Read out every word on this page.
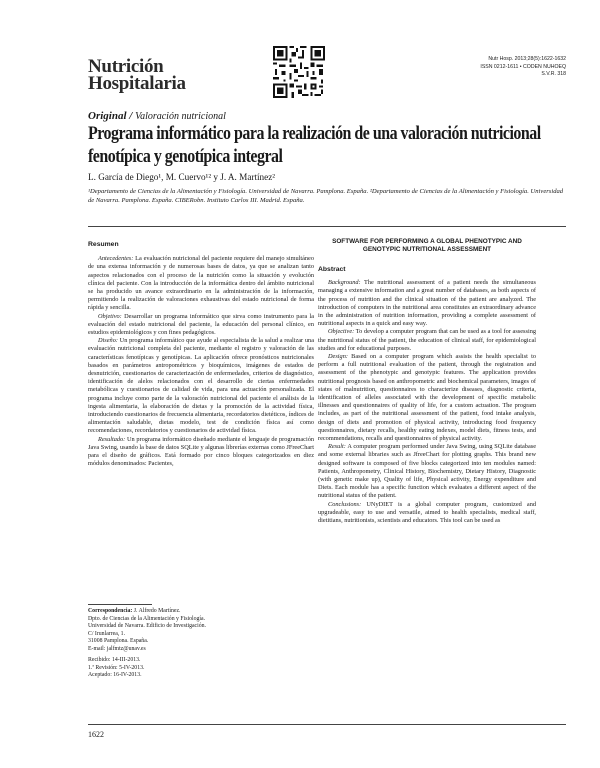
Nutrición
Hospitalaria
Nutr Hosp. 2013;28(5):1622-1632
ISSN 0212-1611 • CODEN NUHOEQ
S.V.R. 318
Original / Valoración nutricional
Programa informático para la realización de una valoración nutricional
fenotípica y genotípica integral
L. García de Diego¹, M. Cuervo¹² y J. A. Martínez²
¹Departamento de Ciencias de la Alimentación y Fisiología. Universidad de Navarra. Pamplona. España. ²Departamento de Ciencias de la Alimentación y Fisiología. Universidad de Navarra. Pamplona. España. CIBERobn. Instituto Carlos III. Madrid. España.
Resumen

Antecedentes: La evaluación nutricional del paciente requiere del manejo simultáneo de una extensa información y de numerosas bases de datos, ya que se analizan tanto aspectos relacionados con el proceso de la nutrición como la situación y evolución clínica del paciente. Con la introducción de la informática dentro del ámbito nutricional se ha producido un avance extraordinario en la administración de la información, permitiendo la realización de valoraciones exhaustivas del estado nutricional de forma rápida y sencilla.

Objetivo: Desarrollar un programa informático que sirva como instrumento para la evaluación del estado nutricional del paciente, la educación del personal clínico, en estudios epidemiológicos y con fines pedagógicos.

Diseño: Un programa informático que ayude al especialista de la salud a realizar una evaluación nutricional completa del paciente, mediante el registro y valoración de las características fenotípicas y genotípicas. La aplicación ofrece pronósticos nutricionales basados en parámetros antropométricos y bioquímicos, imágenes de estados de desnutrición, cuestionarios de caracterización de enfermedades, criterios de diagnóstico, identificación de alelos relacionados con el desarrollo de ciertas enfermedades metabólicas y cuestionarios de calidad de vida, para una actuación personalizada. El programa incluye como parte de la valoración nutricional del paciente el análisis de la ingesta alimentaria, la elaboración de dietas y la promoción de la actividad física, introduciendo cuestionarios de frecuencia alimentaria, recordatorios dietéticos, índices de alimentación saludable, dietas modelo, test de condición física así como recomendaciones, recordatorios y cuestionarios de actividad física.

Resultado: Un programa informático diseñado mediante el lenguaje de programación Java Swing, usando la base de datos SQLite y algunas librerías externas como JFreeChart para el diseño de gráficos. Está formado por cinco bloques categorizados en diez módulos denominados: Pacientes,

Correspondencia: J. Alfredo Martínez.

Dpto. de Ciencias de la Alimentación y Fisiología.

Universidad de Navarra. Edificio de Investigación.

C/ Irunlarrea, 1.

31008 Pamplona. España.

E-mail: jalfmtz@unav.es

Recibido: 14-III-2013.

1.ª Revisión: 5-IV-2013.

Aceptado: 16-IV-2013.

SOFTWARE FOR PERFORMING A GLOBAL PHENOTYPIC AND GENOTYPIC NUTRITIONAL ASSESSMENT
Abstract

Background: The nutritional assessment of a patient needs the simultaneous managing a extensive information and a great number of databases, as both aspects of the process of nutrition and the clinical situation of the patient are analyzed. The introduction of computers in the nutritional area constitutes an extraordinary advance in the administration of nutrition information, providing a complete assessment of nutritional aspects in a quick and easy way.

Objective: To develop a computer program that can be used as a tool for assessing the nutritional status of the patient, the education of clinical staff, for epidemiological studies and for educational purposes.

Design: Based on a computer program which assists the health specialist to perform a full nutritional evaluation of the patient, through the registration and assessment of the phenotypic and genotypic features. The application provides nutritional prognosis based on anthropometric and biochemical parameters, images of states of malnutrition, questionnaires to characterize diseases, diagnostic criteria, identification of alleles associated with the development of specific metabolic illnesses and questionnaires of quality of life, for a custom actuation. The program includes, as part of the nutritional assessment of the patient, food intake analysis, design of diets and promotion of physical activity, introducing food frequency questionnaires, dietary recalls, healthy eating indexes, model diets, fitness tests, and recommendations, recalls and questionnaires of physical activity.

Result: A computer program performed under Java Swing, using SQLite database and some external libraries such as JfreeChart for plotting graphs. This brand new designed software is composed of five blocks categorized into ten modules named: Patients, Anthropometry, Clinical History, Biochemistry, Dietary History, Diagnostic (with genetic make up), Quality of life, Physical activity, Energy expenditure and Diets. Each module has a specific function which evaluates a different aspect of the nutritional status of the patient.

Conclusions: UNyDIET is a global computer program, customized and upgradeable, easy to use and versatile, aimed to health specialists, medical staff, dietitians, nutritionists, scientists and educators. This tool can be used as

1622
